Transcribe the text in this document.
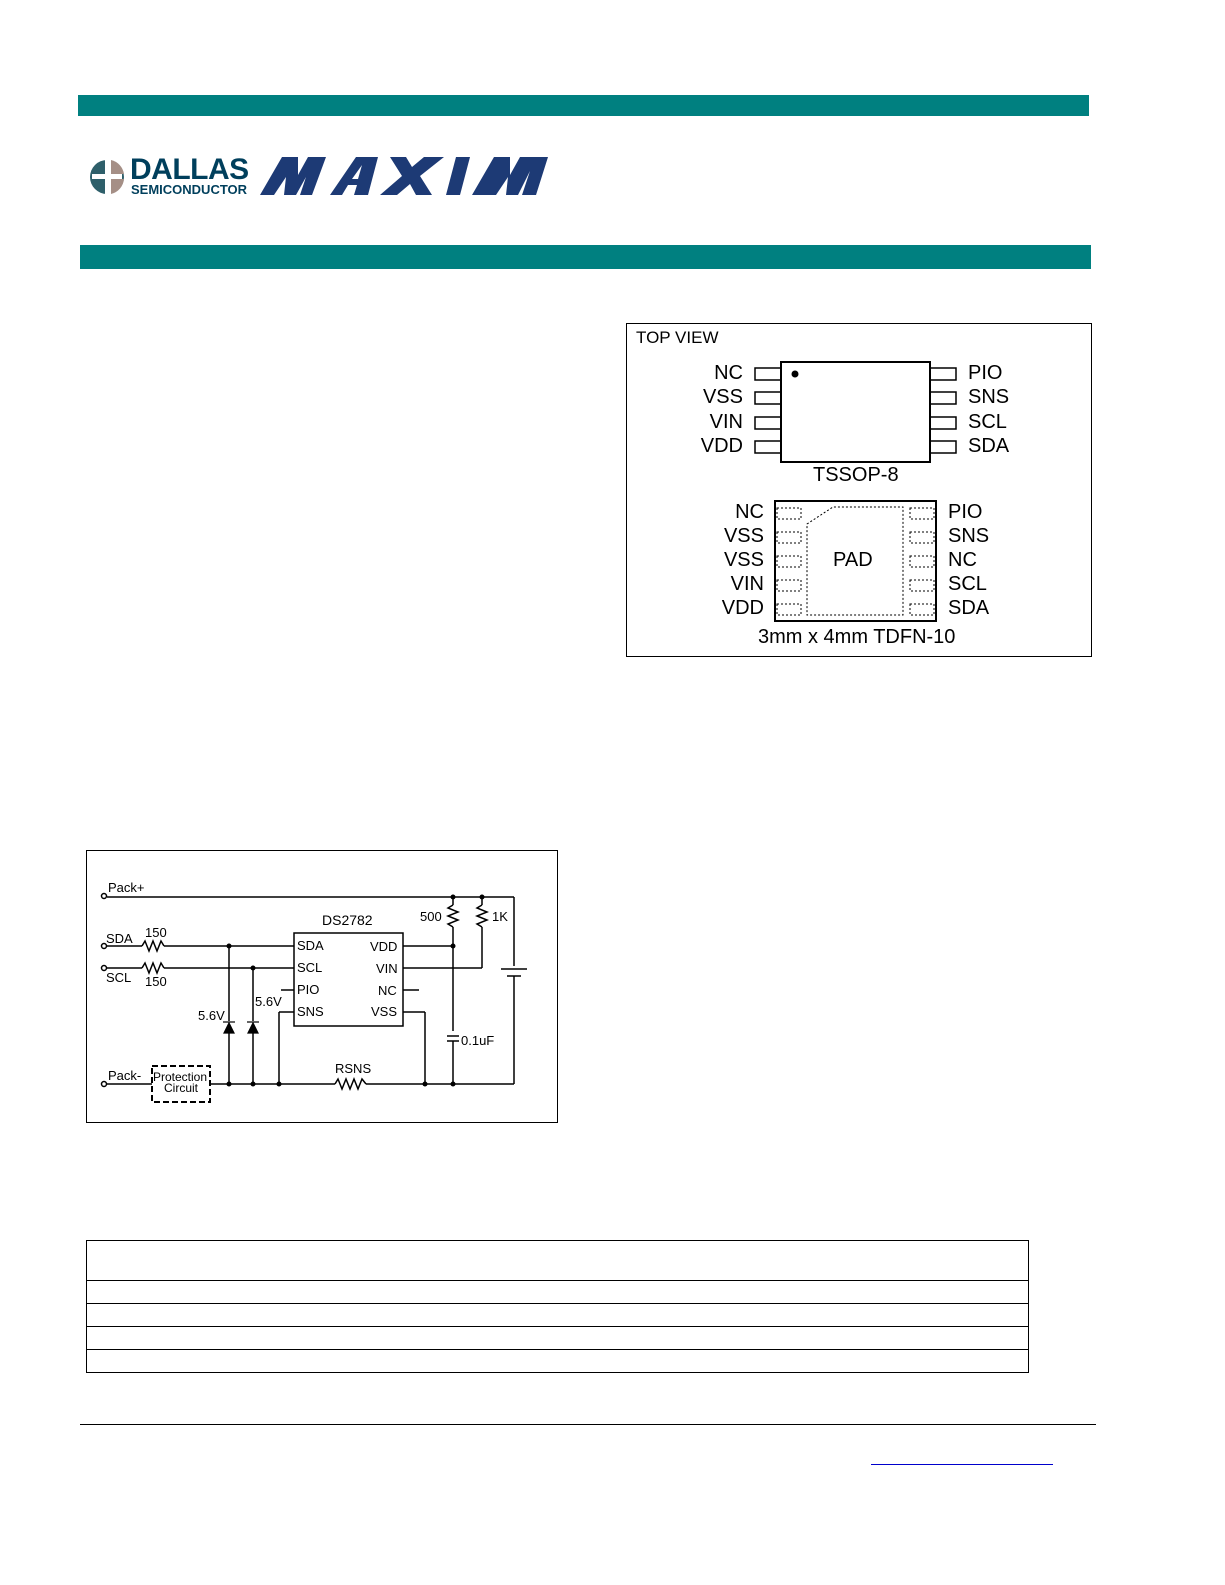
DALLAS
SEMICONDUCTOR
MAXIM
TOP VIEW
NC
VSS
VIN
VDD
PIO
SNS
SCL
SDA
TSSOP-8
NC
VSS
VSS
VIN
VDD
PIO
SNS
NC
SCL
SDA
PAD
3mm x 4mm TDFN-10
Pack+
SDA 150
SCL 150
500	1K
DS2782
SDA
SCL
PIO
SNS
VDD
VIN
NC
VSS
5.6V
5.6V
0.1uF
RSNS
Pack- Protection
Circuit
